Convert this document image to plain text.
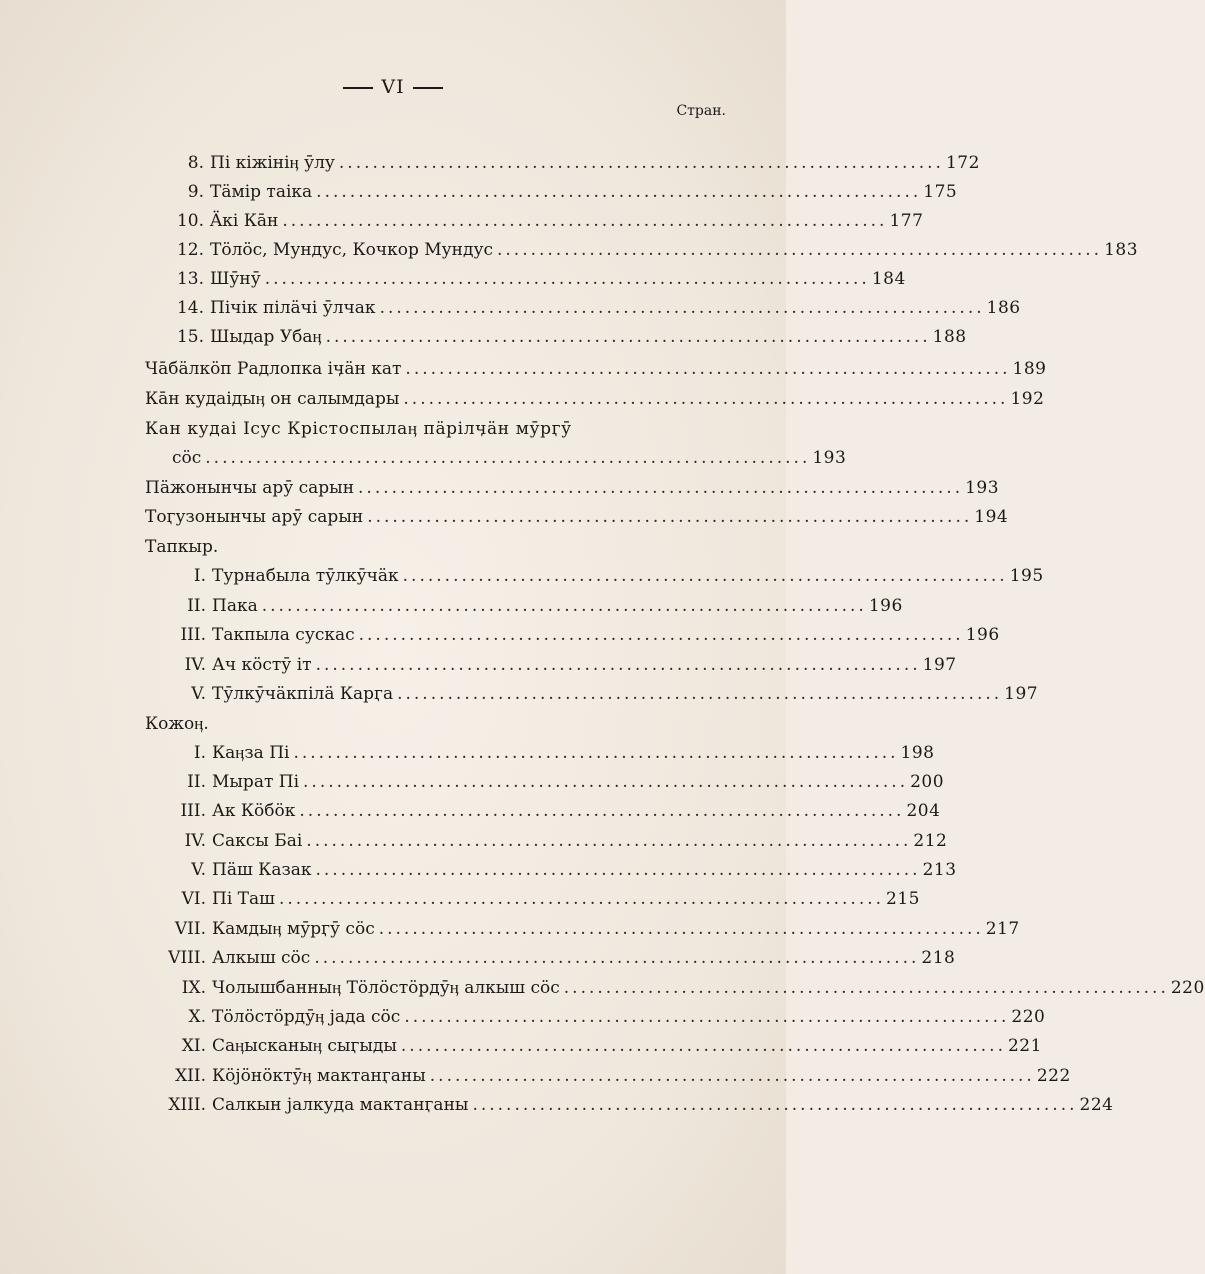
VI
Стран.
8. Пі кіжініӊ ӯлу ........................................................................ 172
9. Тäмір таіка ........................................................................ 175
10. Äкі Кāн ........................................................................ 177
12. Тӧлӧс, Мундус, Кочкор Мундус ........................................................................ 183
13. Шӯнӯ ........................................................................ 184
14. Пічік пілäчі ӯлчак ........................................................................ 186
15. Шыдар Убаӊ ........................................................................ 188
Чāбäлкӧп Радлопка іӌäн кат ........................................................................ 189
Кāн кудаідыӊ он салымдары ........................................................................ 192
Кан кудаі Ісус Крістоспылаӊ пäрілӌäн мӯрӷӯ
сӧс ........................................................................ 193
Пäжонынчы арӯ сарын ........................................................................ 193
Тоӷузонынчы арӯ сарын ........................................................................ 194
Тапкыр.
I. Турнабыла тӯлкӯчäк ........................................................................ 195
II. Пака ........................................................................ 196
III. Такпыла сускас ........................................................................ 196
IV. Ач кӧстӯ іт ........................................................................ 197
V. Тӯлкӯчäкпілä Карӷа ........................................................................ 197
Кожоӊ.
I. Каӊза Пі ........................................................................ 198
II. Мырат Пі ........................................................................ 200
III. Ак Кӧбӧк ........................................................................ 204
IV. Саксы Баі ........................................................................ 212
V. Пäш Казак ........................................................................ 213
VI. Пі Таш ........................................................................ 215
VII. Камдыӊ мӯрӷӯ сӧс ........................................................................ 217
VIII. Алкыш сӧс ........................................................................ 218
IX. Чолышбанныӊ Тӧлӧстӧрдӯӊ алкыш сӧс ........................................................................ 220
X. Тӧлӧстӧрдӯӊ јада сӧс ........................................................................ 220
XI. Саӊысканыӊ сыӷыды ........................................................................ 221
XII. Кӧјӧнӧктӯӊ мактанӷаны ........................................................................ 222
XIII. Салкын јалкуда мактанӷаны ........................................................................ 224
